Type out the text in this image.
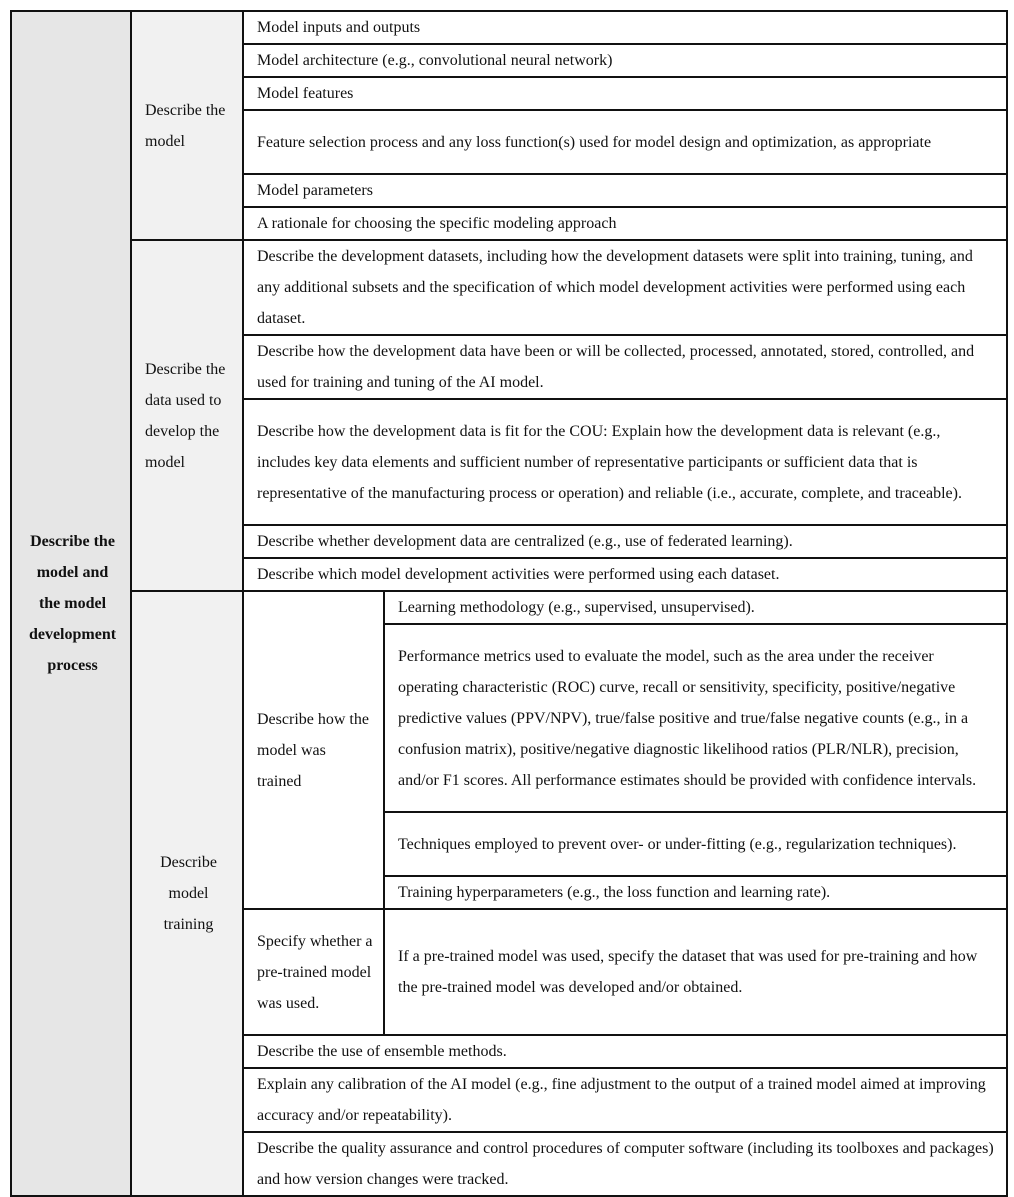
Describe the model and the model development process	Describe the model	Model inputs and outputs	
		Model architecture (e.g., convolutional neural network)	
		Model features	
		Feature selection process and any loss function(s) used for model design and optimization, as appropriate	
		Model parameters	
		A rationale for choosing the specific modeling approach	
	Describe the data used to develop the model	Describe the development datasets, including how the development datasets were split into training, tuning, and any additional subsets and the specification of which model development activities were performed using each dataset.	
		Describe how the development data have been or will be collected, processed, annotated, stored, controlled, and used for training and tuning of the AI model.	
		Describe how the development data is fit for the COU: Explain how the development data is relevant (e.g., includes key data elements and sufficient number of representative participants or sufficient data that is representative of the manufacturing process or operation) and reliable (i.e., accurate, complete, and traceable).	
		Describe whether development data are centralized (e.g., use of federated learning).	
		Describe which model development activities were performed using each dataset.	
	Describe model training	Describe how the model was trained	Learning methodology (e.g., supervised, unsupervised).
			Performance metrics used to evaluate the model, such as the area under the receiver operating characteristic (ROC) curve, recall or sensitivity, specificity, positive/negative predictive values (PPV/NPV), true/false positive and true/false negative counts (e.g., in a confusion matrix), positive/negative diagnostic likelihood ratios (PLR/NLR), precision, and/or F1 scores. All performance estimates should be provided with confidence intervals.
			Techniques employed to prevent over- or under-fitting (e.g., regularization techniques).
			Training hyperparameters (e.g., the loss function and learning rate).
		Specify whether a pre-trained model was used.	If a pre-trained model was used, specify the dataset that was used for pre-training and how the pre-trained model was developed and/or obtained.
		Describe the use of ensemble methods.	
		Explain any calibration of the AI model (e.g., fine adjustment to the output of a trained model aimed at improving accuracy and/or repeatability).	
		Describe the quality assurance and control procedures of computer software (including its toolboxes and packages) and how version changes were tracked.	
